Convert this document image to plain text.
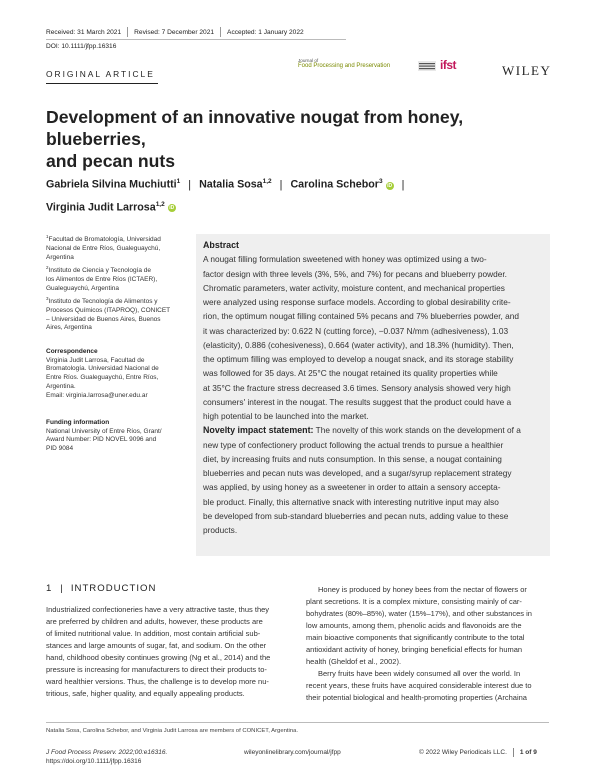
Received: 31 March 2021 Revised: 7 December 2021 Accepted: 1 January 2022
DOI: 10.1111/jfpp.16316
ORIGINAL ARTICLE
Journal of
Food Processing and Preservation	ifst	WILEY
Development of an innovative nougat from honey, blueberries,
and pecan nuts
Gabriela Silvina Muchiutti$^1$ | Natalia Sosa$^{1,2}$ | Carolina Schebor$^3$iD |
Virginia Judit Larrosa$^{1,2}$iD
$^1$Facultad de Bromatología, Universidad
Nacional de Entre Ríos, Gualeguaychú,
Argentina
$^2$Instituto de Ciencia y Tecnología de
los Alimentos de Entre Ríos (ICTAER),
Gualeguaychú, Argentina
$^3$Instituto de Tecnología de Alimentos y
Procesos Químicos (ITAPROQ), CONICET
– Universidad de Buenos Aires, Buenos
Aires, Argentina
Correspondence
Virginia Judit Larrosa, Facultad de
Bromatología. Universidad Nacional de
Entre Ríos. Gualeguaychú, Entre Ríos,
Argentina.
Email: virginia.larrosa@uner.edu.ar
Funding information
National University of Entre Ríos, Grant/
Award Number: PID NOVEL 9096 and
PID 9084
Abstract
A nougat filling formulation sweetened with honey was optimized using a two-
factor design with three levels (3%, 5%, and 7%) for pecans and blueberry powder.
Chromatic parameters, water activity, moisture content, and mechanical properties
were analyzed using response surface models. According to global desirability crite-
rion, the optimum nougat filling contained 5% pecans and 7% blueberries powder, and
it was characterized by: 0.622 N (cutting force), −0.037 N/mm (adhesiveness), 1.03
(elasticity), 0.886 (cohesiveness), 0.664 (water activity), and 18.3% (humidity). Then,
the optimum filling was employed to develop a nougat snack, and its storage stability
was followed for 35 days. At 25°C the nougat retained its quality properties while
at 35°C the fracture stress decreased 3.6 times. Sensory analysis showed very high
consumers' interest in the nougat. The results suggest that the product could have a
high potential to be launched into the market.
Novelty impact statement: The novelty of this work stands on the development of a
new type of confectionery product following the actual trends to pursue a healthier
diet, by increasing fruits and nuts consumption. In this sense, a nougat containing
blueberries and pecan nuts was developed, and a sugar/syrup replacement strategy
was applied, by using honey as a sweetener in order to attain a sensory accepta-
ble product. Finally, this alternative snack with interesting nutritive input may also
be developed from sub-standard blueberries and pecan nuts, adding value to these
products.
1 | INTRODUCTION
Industrialized confectioneries have a very attractive taste, thus they
are preferred by children and adults, however, these products are
of limited nutritional value. In addition, most contain artificial sub-
stances and large amounts of sugar, fat, and sodium. On the other
hand, childhood obesity continues growing (Ng et al., 2014) and the
pressure is increasing for manufacturers to direct their products to-
ward healthier versions. Thus, the challenge is to develop more nu-
tritious, safe, higher quality, and equally appealing products.
Honey is produced by honey bees from the nectar of flowers or
plant secretions. It is a complex mixture, consisting mainly of car-
bohydrates (80%–85%), water (15%–17%), and other substances in
low amounts, among them, phenolic acids and flavonoids are the
main bioactive components that significantly contribute to the total
antioxidant activity of honey, bringing beneficial effects for human
health (Gheldof et al., 2002).
Berry fruits have been widely consumed all over the world. In
recent years, these fruits have acquired considerable interest due to
their potential biological and health-promoting properties (Archaina
Natalia Sosa, Carolina Schebor, and Virginia Judit Larrosa are members of CONICET, Argentina.
J Food Process Preserv. 2022;00:e16316.
https://doi.org/10.1111/jfpp.16316
wileyonlinelibrary.com/journal/jfpp	© 2022 Wiley Periodicals LLC. 1 of 9
